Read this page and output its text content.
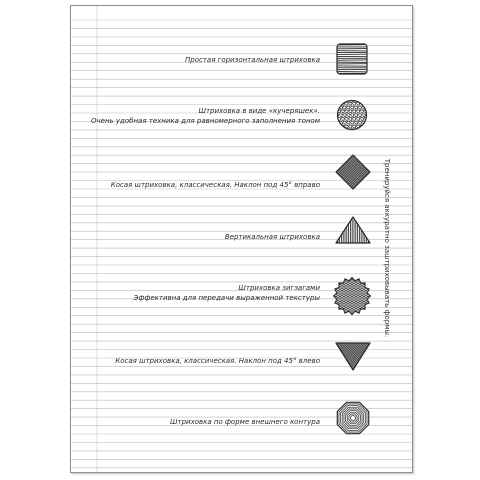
Тренируйся аккуратно заштриховывать формы.
Простая горизонтальная штриховка
Штриховка в виде «кучеряшек».
Очень удобная техника для равномерного заполнения тоном
Косая штриховка, классическая. Наклон под 45° вправо
Вертикальная штриховка
Штриховка зигзагами
Эффективна для передачи выраженной текстуры
Косая штриховка, классическая. Наклон под 45° влево
Штриховка по форме внешнего контура
